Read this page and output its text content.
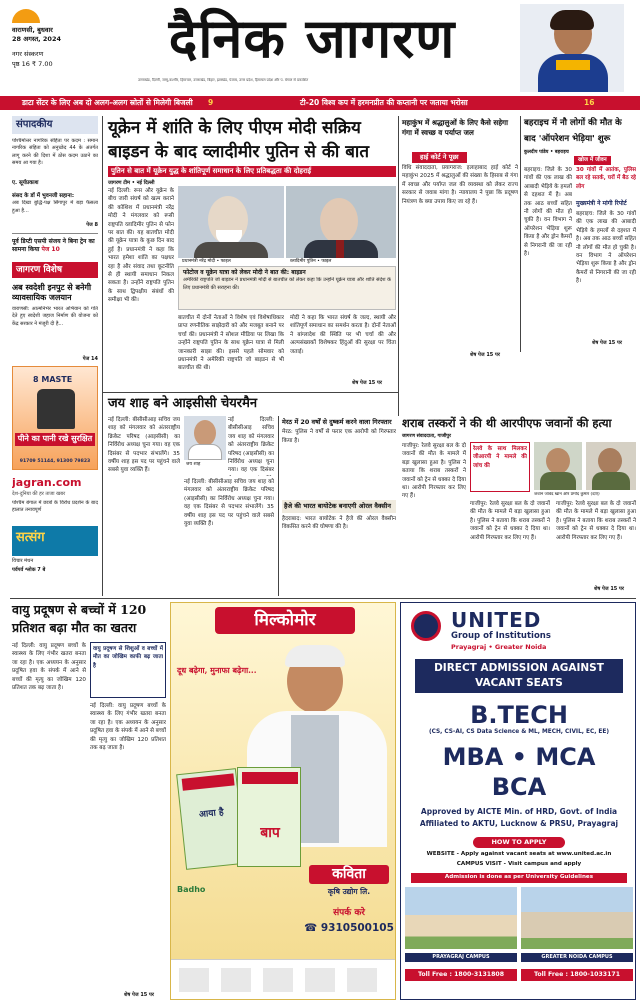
वाराणसी, बुधवार
28 अगस्त, 2024
नगर संस्करण
पृष्ठ 16 ₹ 7.00	दैनिक जागरण
उत्तराखंड, दिल्ली, जम्मू-कश्मीर, हिमाचल, उत्तराखंड, बिहार, झारखंड, पंजाब, उत्तर प्रदेश, हिमाचल प्रदेश और प. बंगाल से प्रकाशित
डाटा सेंटर के लिए अब दो अलग-अलग स्रोतों से मिलेगी बिजली 9	टी-20 विश्व कप में हरमनप्रीत की कप्तानी पर जताया भरोसा	16
संपादकीय
पश्चिमोत्तर नागरिक संहिता पर कदम : समान नागरिक संहिता को अनुच्छेद 44 के अंतर्गत लागू करने की दिशा में ठोस कदम उठाने का समय आ गया है।
ए. सूर्यप्रकाश
संसद के डॉ में भुवनजी सहाना:
अब दिखा बुद्धि-पक्ष सिंगापुर में बड़ा फैसला हुआ है...
पेज 8
पूर्व डिप्टी एसपी संजय ने बिना ट्रेन का सामना किया पेज 10
जागरण विशेष
अब स्वदेशी इनपुट से बनेगी व्यावसायिक जलयान
वाराणसी: आत्मनिर्भर भारत अभियान को गति देते हुए स्वदेशी जहाज निर्माण की योजना को केंद्र सरकार ने मंजूरी दी है...
पेज 14
8 MASTE
पीने का पानी रखे सुरक्षित
91709 51144, 91300 79823
jagran.com
देश-दुनिया की हर ताजा खबर
पश्चिम बंगाल में छात्रों के विरोध प्रदर्शन के बाद हालात तनावपूर्ण
सत्संग
विचार मंथन
पर्वपर्व श्लोक 7 बे
यूक्रेन में शांति के लिए पीएम मोदी सक्रिय
बाइडन के बाद व्लादीमीर पुतिन से की बात
पुतिन से बात में यूक्रेन युद्ध के शांतिपूर्ण समाधान के लिए प्रतिबद्धता की दोहराई
जागरण टीम • नई दिल्ली
नई दिल्ली: रूस और यूक्रेन के बीच जारी संघर्ष को खत्म कराने की कोशिश में प्रधानमंत्री नरेंद्र मोदी ने मंगलवार को रूसी राष्ट्रपति व्लादिमीर पुतिन से फोन पर बात की। यह बातचीत मोदी की यूक्रेन यात्रा के कुछ दिन बाद हुई है। प्रधानमंत्री ने कहा कि भारत हमेशा शांति का पक्षधर रहा है और संवाद तथा कूटनीति से ही स्थायी समाधान निकल सकता है। उन्होंने राष्ट्रपति पुतिन के साथ द्विपक्षीय संबंधों की समीक्षा भी की।
प्रधानमंत्री नरेंद्र मोदी • फाइल	व्लादिमीर पुतिन • फाइल
फोटोज व यूक्रेन यात्रा को लेकर मोदी ने बात की: बाइडन
अमेरिकी राष्ट्रपति जो बाइडन ने प्रधानमंत्री मोदी से बातचीत को लेकर कहा कि उन्होंने यूक्रेन यात्रा और शांति संदेश के लिए प्रधानमंत्री की सराहना की।
बातचीत में दोनों नेताओं ने विशेष एवं विशेषाधिकार प्राप्त रणनीतिक साझेदारी को और मजबूत बनाने पर चर्चा की। प्रधानमंत्री ने सोशल मीडिया पर लिखा कि उन्होंने राष्ट्रपति पुतिन के साथ यूक्रेन यात्रा से मिली जानकारी साझा की। इससे पहले सोमवार को प्रधानमंत्री ने अमेरिकी राष्ट्रपति जो बाइडन से भी बातचीत की थी।
मोदी ने कहा कि भारत संघर्ष के जल्द, स्थायी और शांतिपूर्ण समाधान का समर्थन करता है। दोनों नेताओं ने बांग्लादेश की स्थिति पर भी चर्चा की और अल्पसंख्यकों विशेषकर हिंदुओं की सुरक्षा पर चिंता जताई।
शेष पेज 15 पर
महाकुंभ में श्रद्धालुओं के लिए कैसे सहेगा गंगा में स्वच्छ व पर्याप्त जल
हाई कोर्ट ने पूछा
विधि संवाददाता, प्रयागराज: इलाहाबाद हाई कोर्ट ने महाकुंभ 2025 में श्रद्धालुओं की संख्या के हिसाब से गंगा में स्वच्छ और पर्याप्त जल की व्यवस्था को लेकर राज्य सरकार से जवाब मांगा है। न्यायालय ने पूछा कि प्रदूषण नियंत्रण के क्या उपाय किए जा रहे हैं।
शेष पेज 15 पर
बहराइच में नौ लोगों की मौत के
बाद 'ऑपरेशन भेड़िया' शुरू
कुलदीप पांडेय • बहराइच
खोज में जीवन
बहराइच: जिले के 30 गांवों की एक लाख की आबादी भेड़िये के हमलों से दहशत में है। अब तक आठ बच्चों सहित नौ लोगों की मौत हो चुकी है। वन विभाग ने ऑपरेशन भेड़िया शुरू किया है और ड्रोन कैमरों से निगरानी की जा रही है।
30 गांवों में आतंक, पुलिस बल रहे सतर्क, घरों में बैठ रहे लोग
मुख्यमंत्री ने मांगी रिपोर्ट
बहराइच: जिले के 30 गांवों की एक लाख की आबादी भेड़िये के हमलों से दहशत में है। अब तक आठ बच्चों सहित नौ लोगों की मौत हो चुकी है। वन विभाग ने ऑपरेशन भेड़िया शुरू किया है और ड्रोन कैमरों से निगरानी की जा रही है।
शेष पेज 15 पर
जय शाह बने आइसीसी चेयरमैन
नई दिल्ली: बीसीसीआइ सचिव जय शाह को मंगलवार को अंतरराष्ट्रीय क्रिकेट परिषद (आइसीसी) का निर्विरोध अध्यक्ष चुना गया। वह एक दिसंबर से पदभार संभालेंगे। 35 वर्षीय शाह इस पद पर पहुंचने वाले सबसे युवा व्यक्ति हैं।
जय शाह
नई दिल्ली: बीसीसीआइ सचिव जय शाह को मंगलवार को अंतरराष्ट्रीय क्रिकेट परिषद (आइसीसी) का निर्विरोध अध्यक्ष चुना गया। वह एक दिसंबर
नई दिल्ली: बीसीसीआइ सचिव जय शाह को मंगलवार को अंतरराष्ट्रीय क्रिकेट परिषद (आइसीसी) का निर्विरोध अध्यक्ष चुना गया। वह एक दिसंबर से पदभार संभालेंगे। 35 वर्षीय शाह इस पद पर पहुंचने वाले सबसे युवा व्यक्ति हैं।
मेरठ में 20 वर्षों से दुष्कर्म करने वाला गिरफ्तार
मेरठ: पुलिस ने वर्षों से फरार एक आरोपी को गिरफ्तार किया है।
हैजे की भारत बायोटेक बनाएगी ओरल वैक्सीन
हैदराबाद: भारत बायोटेक ने हैजे की ओरल वैक्सीन विकसित करने की घोषणा की है।
शराब तस्करों ने की थी आरपीएफ जवानों की हत्या
जागरण संवाददाता, गाजीपुर
गाजीपुर: रेलवे सुरक्षा बल के दो जवानों की मौत के मामले में बड़ा खुलासा हुआ है। पुलिस ने बताया कि शराब तस्करों ने जवानों को ट्रेन से धक्का दे दिया था। आरोपी गिरफ्तार कर लिए गए हैं।
रेलवे के साथ मिलकर जीआरपी ने मामले की जांच की
जवान जावेद खान और प्रमोद कुमार (दाएं)
गाजीपुर: रेलवे सुरक्षा बल के दो जवानों की मौत के मामले में बड़ा खुलासा हुआ है। पुलिस ने बताया कि शराब तस्करों ने जवानों को ट्रेन से धक्का दे दिया था। आरोपी गिरफ्तार कर लिए गए हैं।
गाजीपुर: रेलवे सुरक्षा बल के दो जवानों की मौत के मामले में बड़ा खुलासा हुआ है। पुलिस ने बताया कि शराब तस्करों ने जवानों को ट्रेन से धक्का दे दिया था। आरोपी गिरफ्तार कर लिए गए हैं।
शेष पेज 15 पर
वायु प्रदूषण से बच्चों में 120
प्रतिशत बढ़ा मौत का खतरा
नई दिल्ली: वायु प्रदूषण बच्चों के स्वास्थ्य के लिए गंभीर खतरा बनता जा रहा है। एक अध्ययन के अनुसार प्रदूषित हवा के संपर्क में आने से बच्चों की मृत्यु का जोखिम 120 प्रतिशत तक बढ़ जाता है।
वायु प्रदूषण से शिशुओं व बच्चों में मौत का जोखिम काफी बढ़ जाता है
नई दिल्ली: वायु प्रदूषण बच्चों के स्वास्थ्य के लिए गंभीर खतरा बनता जा रहा है। एक अध्ययन के अनुसार प्रदूषित हवा के संपर्क में आने से बच्चों की मृत्यु का जोखिम 120 प्रतिशत तक बढ़ जाता है।
शेष पेज 15 पर
मिल्कोमोर
दूध बढ़ेगा, मुनाफा बढ़ेगा...
आया है
बाप
Badho
कविता
कृषि उद्योग लि.
संपर्क करे
☎ 9310500105
UNITED
Group of Institutions
Prayagraj • Greater Noida
DIRECT ADMISSION AGAINST VACANT SEATS
B.TECH
(CS, CS-AI, CS Data Science & ML, MECH, CIVIL, EC, EE)
MBA • MCA
BCA
Approved by AICTE Min. of HRD, Govt. of India
Affiliated to AKTU, Lucknow & PRSU, Prayagraj
HOW TO APPLY
WEBSITE - Apply against vacant seats at www.united.ac.in
CAMPUS VISIT - Visit campus and apply
Admission is done as per University Guidelines
PRAYAGRAJ CAMPUS	GREATER NOIDA CAMPUS
Toll Free : 1800-3131808	Toll Free : 1800-1033171
